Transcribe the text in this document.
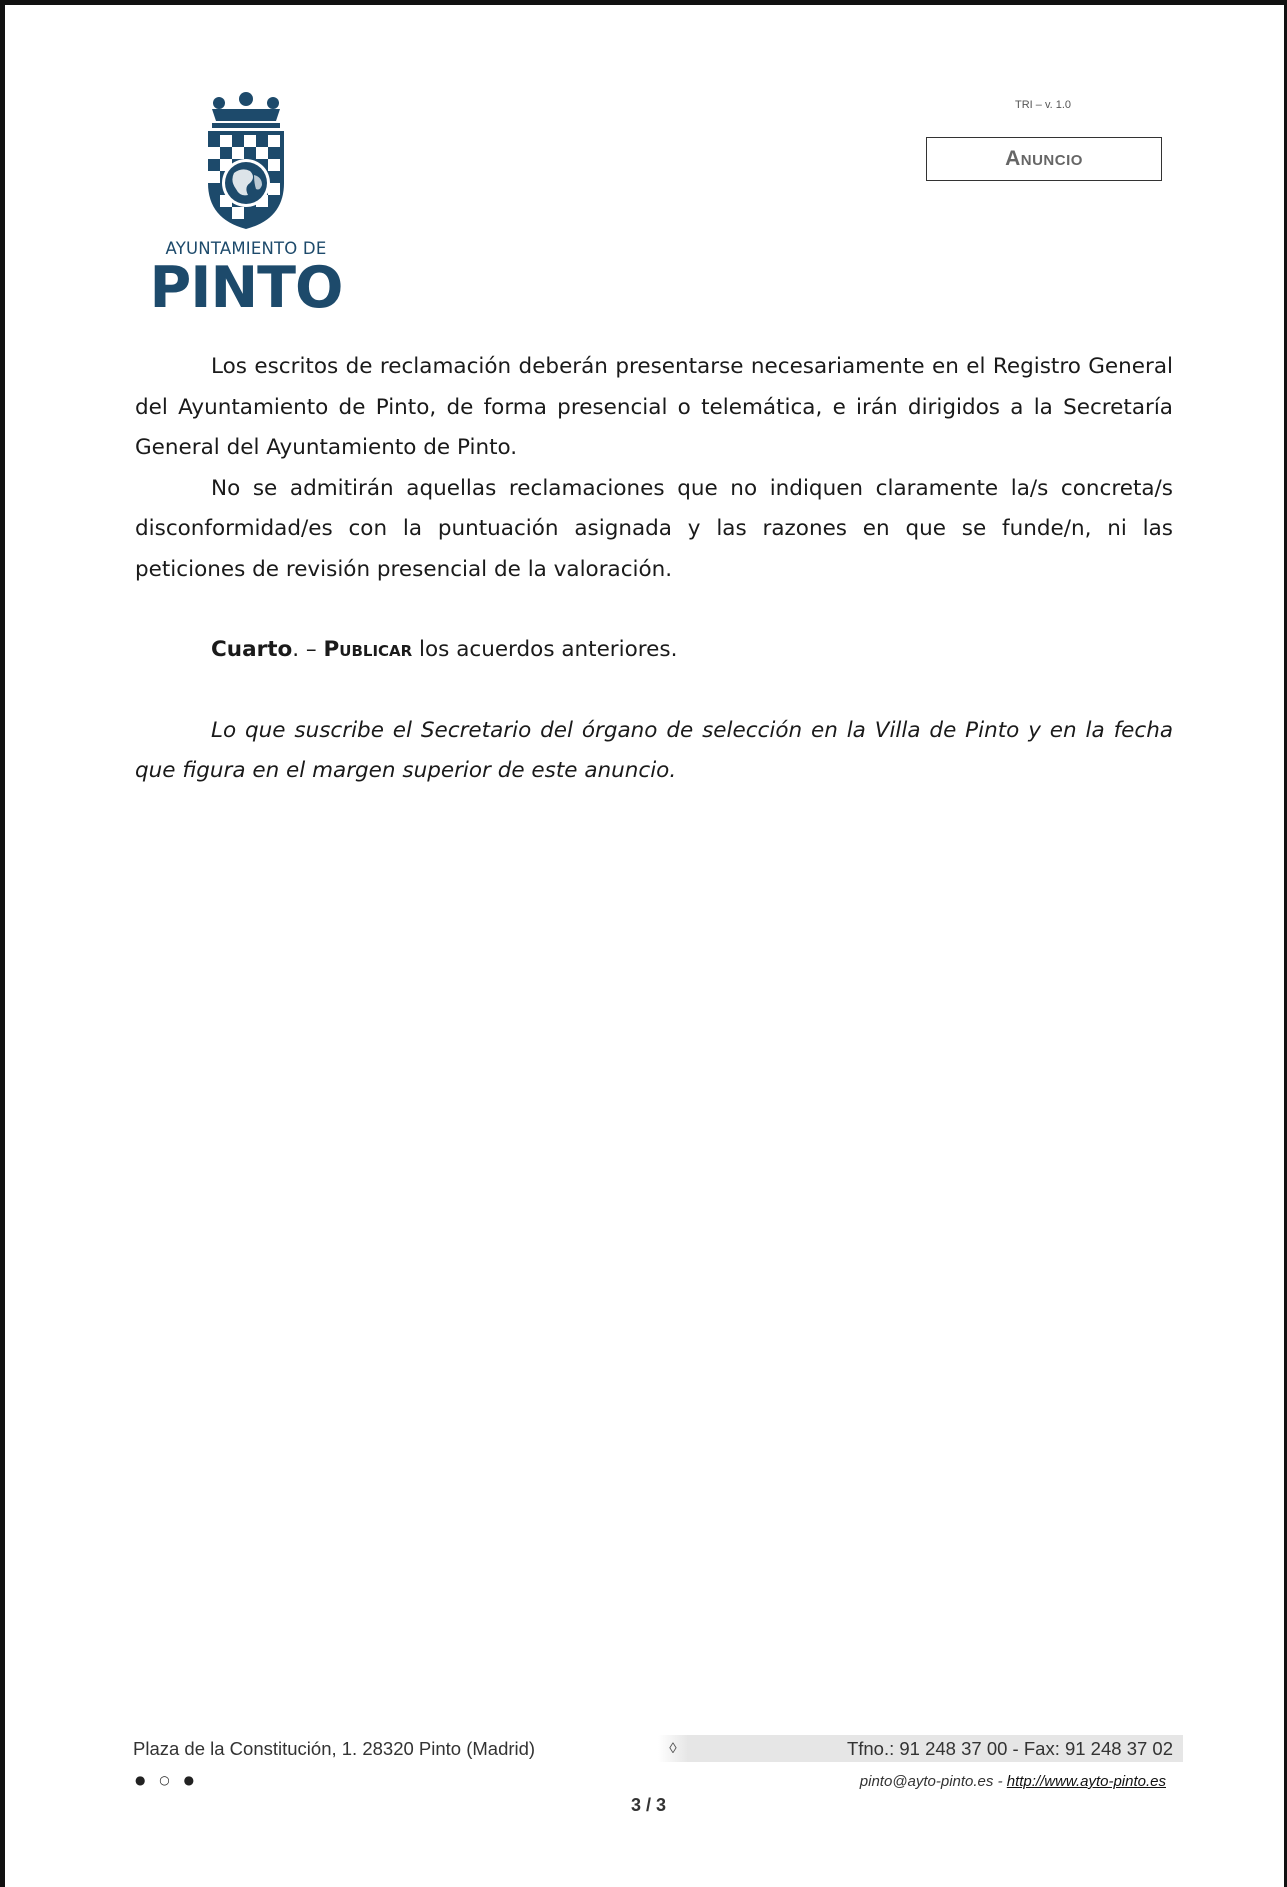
AYUNTAMIENTO DE
PINTO
TRI – v. 1.0
Anuncio

Los escritos de reclamación deberán presentarse necesariamente en el Registro General del Ayuntamiento de Pinto, de forma presencial o telemática, e irán dirigidos a la Secretaría General del Ayuntamiento de Pinto.

No se admitirán aquellas reclamaciones que no indiquen claramente la/s concreta/s disconformidad/es con la puntuación asignada y las razones en que se funde/n, ni las peticiones de revisión presencial de la valoración.

Cuarto. – Publicar los acuerdos anteriores.

Lo que suscribe el Secretario del órgano de selección en la Villa de Pinto y en la fecha que figura en el margen superior de este anuncio.

Plaza de la Constitución, 1. 28320 Pinto (Madrid)	◊	Tfno.: 91 248 37 00 - Fax: 91 248 37 02
● ○ ●	pinto@ayto-pinto.es - http://www.ayto-pinto.es
3 / 3
